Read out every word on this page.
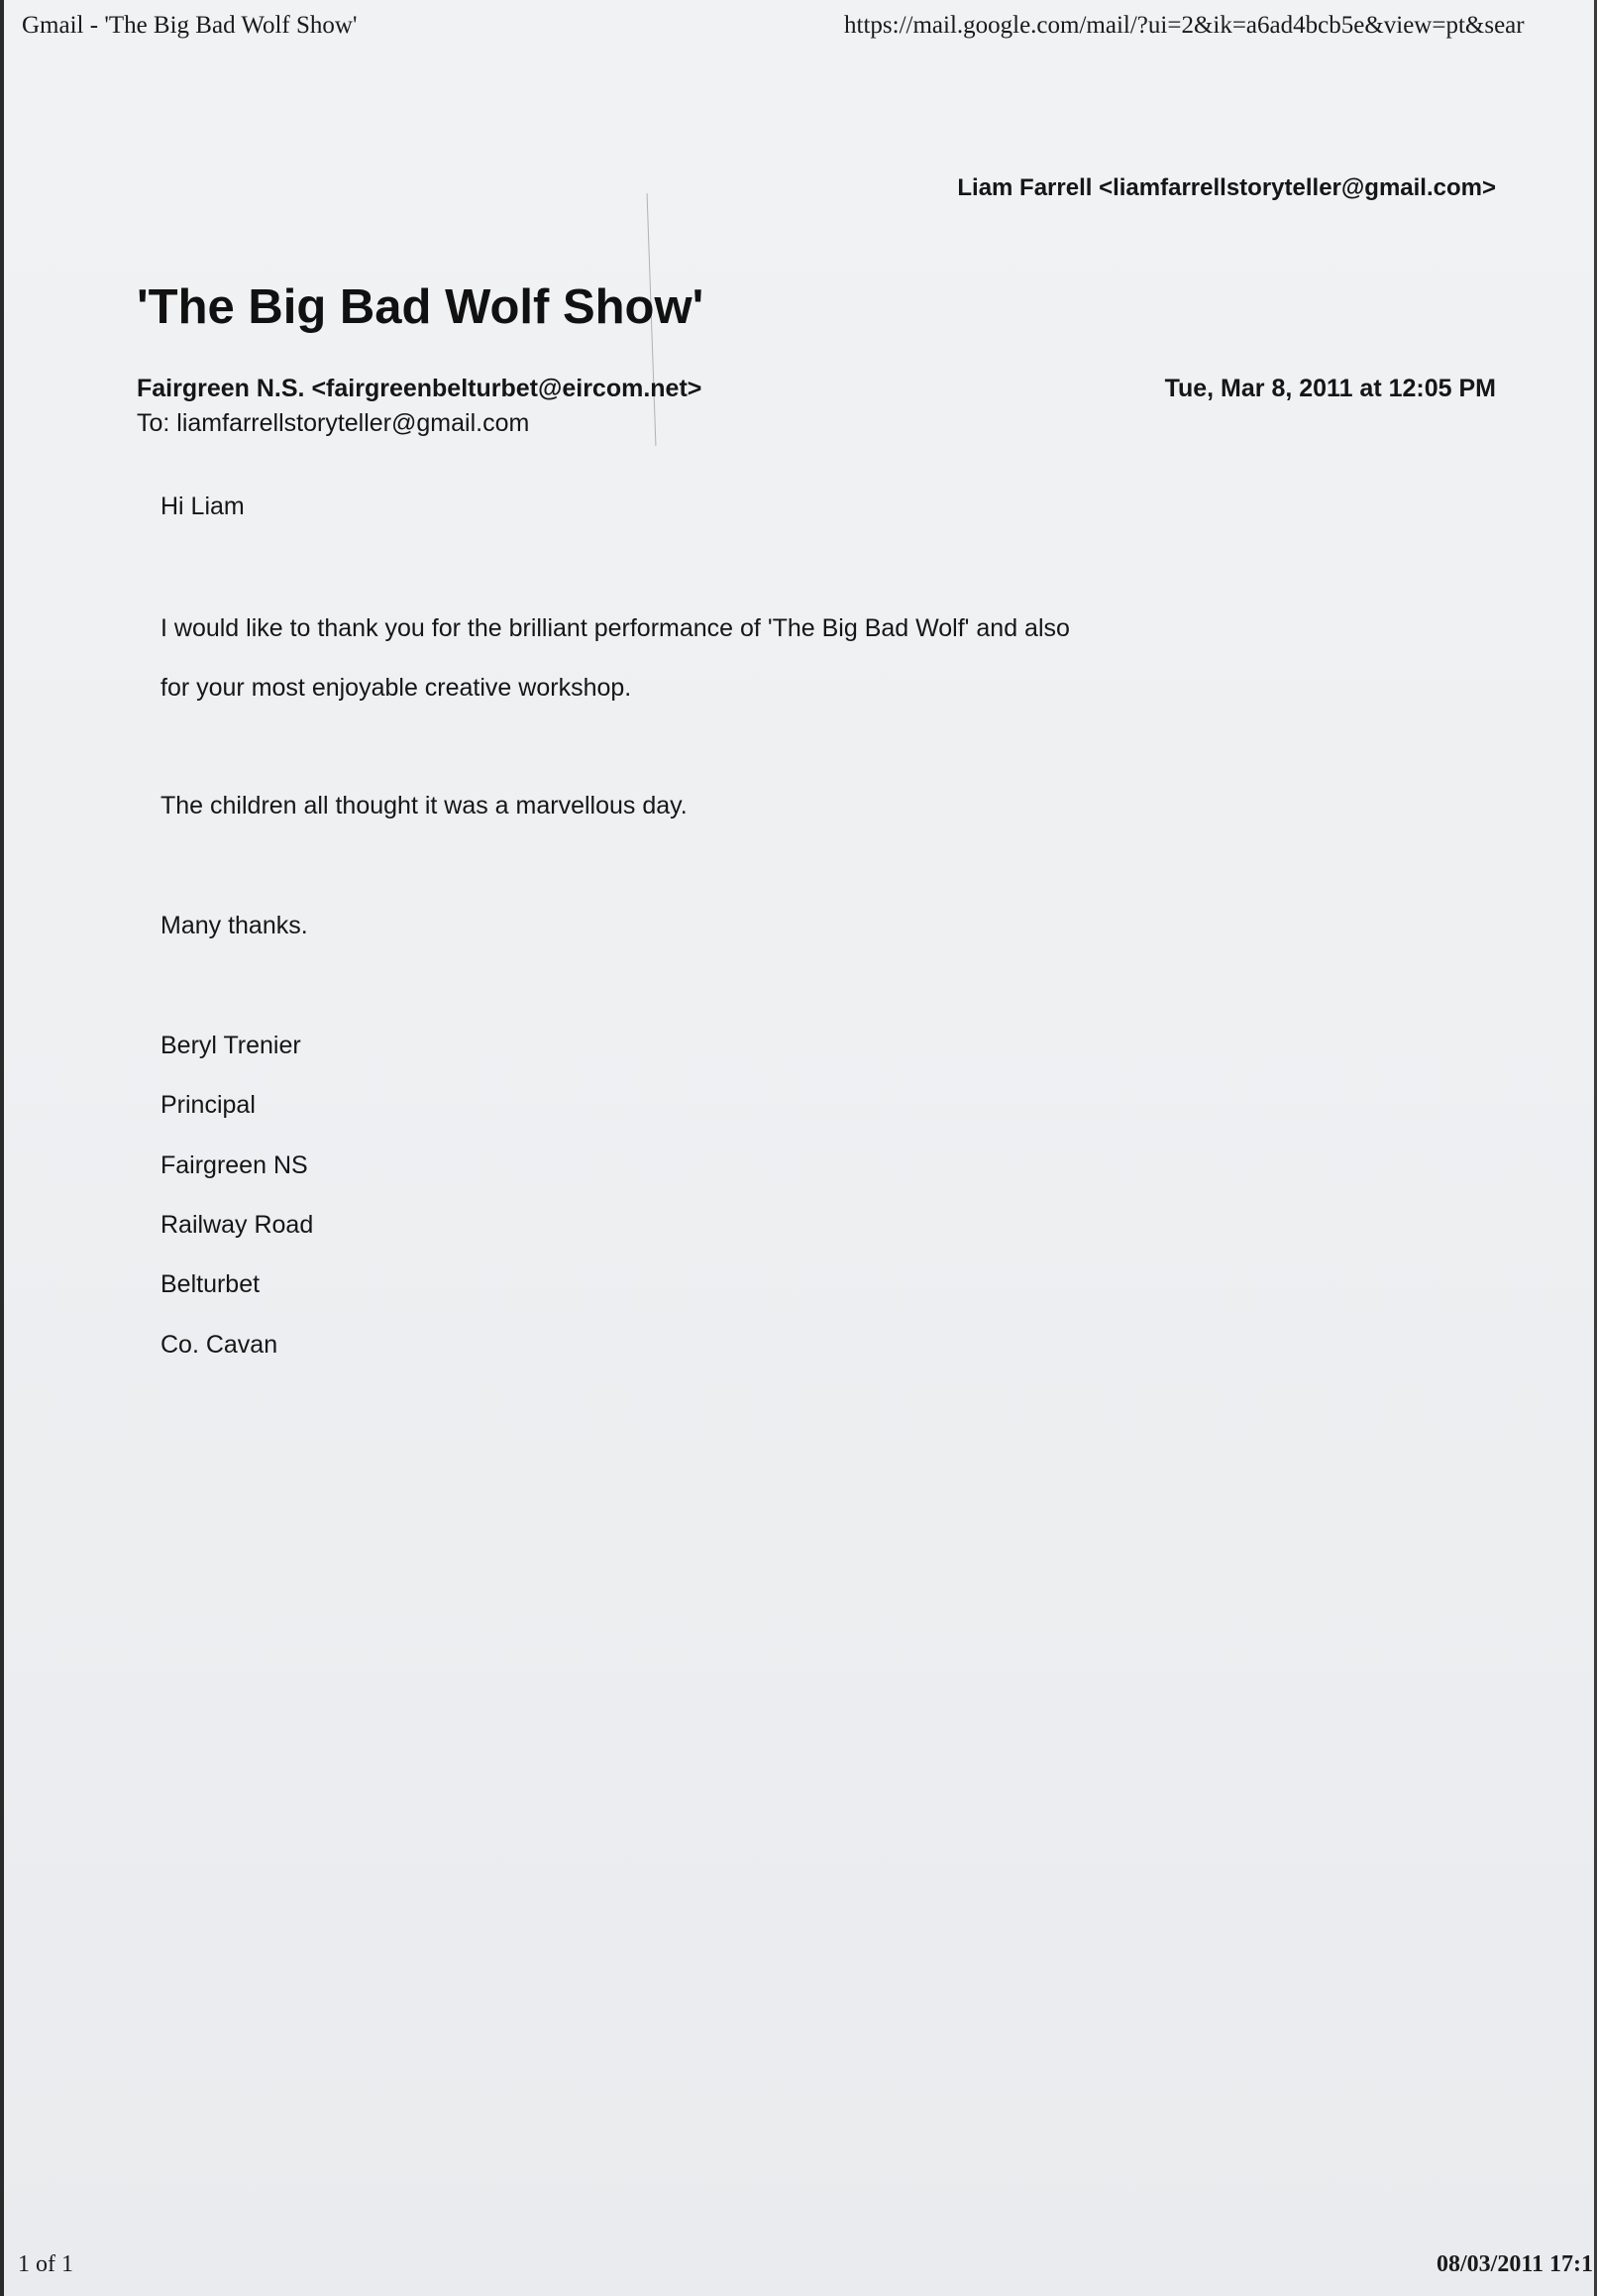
Gmail - 'The Big Bad Wolf Show'	https://mail.google.com/mail/?ui=2&ik=a6ad4bcb5e&view=pt&sear
Liam Farrell <liamfarrellstoryteller@gmail.com>
'The Big Bad Wolf Show'
Fairgreen N.S. <fairgreenbelturbet@eircom.net>	Tue, Mar 8, 2011 at 12:05 PM
To: liamfarrellstoryteller@gmail.com
Hi Liam
I would like to thank you for the brilliant performance of 'The Big Bad Wolf' and also
for your most enjoyable creative workshop.
The children all thought it was a marvellous day.
Many thanks.
Beryl Trenier
Principal
Fairgreen NS
Railway Road
Belturbet
Co. Cavan
1 of 1	08/03/2011 17:1
